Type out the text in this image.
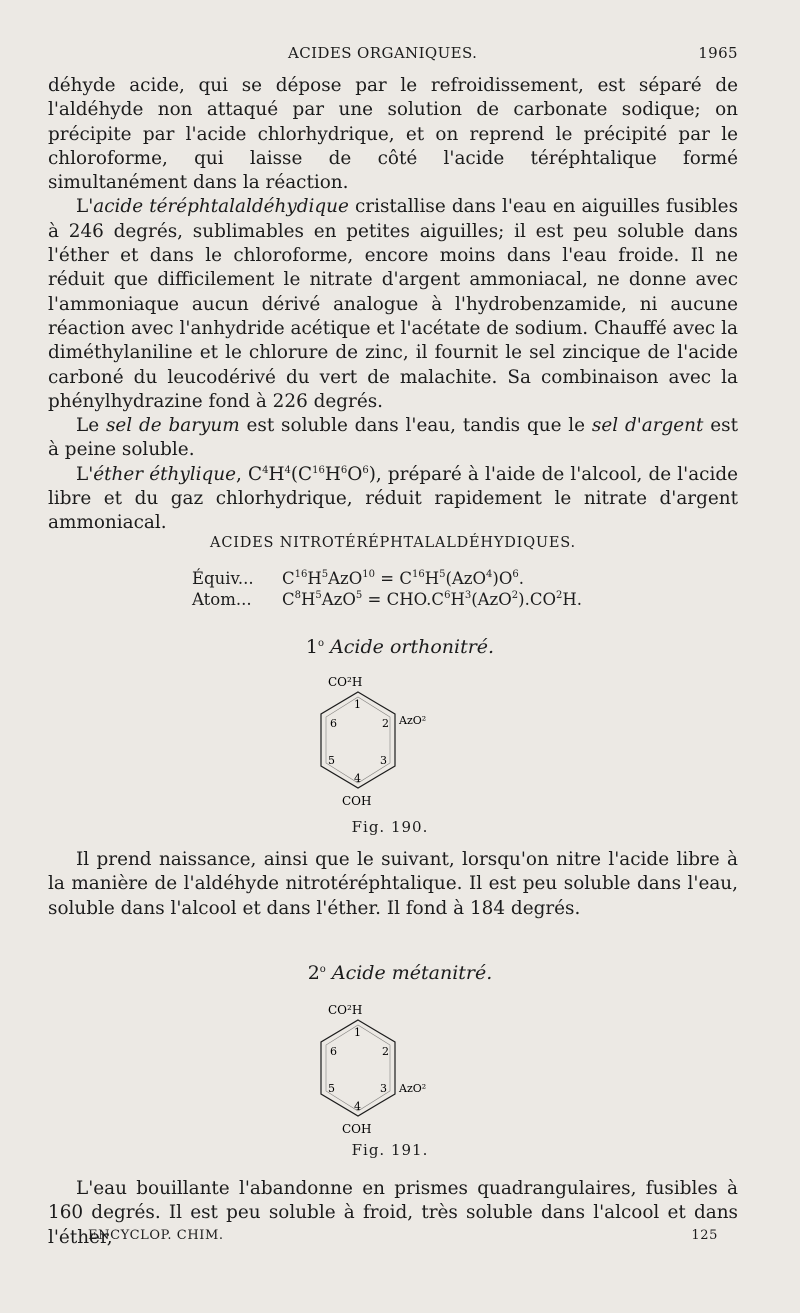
ACIDES ORGANIQUES.	1965

déhyde acide, qui se dépose par le refroidissement, est séparé de l'aldéhyde non attaqué par une solution de carbonate sodique; on précipite par l'acide chlorhydrique, et on reprend le précipité par le chloroforme, qui laisse de côté l'acide téréphtalique formé simultanément dans la réaction.

L'acide téréphtalaldéhydique cristallise dans l'eau en aiguilles fusibles à 246 degrés, sublimables en petites aiguilles; il est peu soluble dans l'éther et dans le chloroforme, encore moins dans l'eau froide. Il ne réduit que difficilement le nitrate d'argent ammoniacal, ne donne avec l'ammoniaque aucun dérivé analogue à l'hydrobenzamide, ni aucune réaction avec l'anhydride acétique et l'acétate de sodium. Chauffé avec la diméthylaniline et le chlorure de zinc, il fournit le sel zincique de l'acide carboné du leucodérivé du vert de malachite. Sa combinaison avec la phénylhydrazine fond à 226 degrés.

Le sel de baryum est soluble dans l'eau, tandis que le sel d'argent est à peine soluble.

L'éther éthylique, $C^4H^4(C^{16}H^6O^6)$, préparé à l'aide de l'alcool, de l'acide libre et du gaz chlorhydrique, réduit rapidement le nitrate d'argent ammoniacal.

ACIDES NITROTÉRÉPHTALALDÉHYDIQUES.
Équiv... $C^{16}H^5AzO^{10} = C^{16}H^5(AzO^4)O^6$.
Atom... $C^8H^5AzO^5 = CHO.C^6H^3(AzO^2).CO^2H$.
1$^o$ Acide orthonitré.
CO²H
1
2
3
4
5
6	AzO²
COH
Fig. 190.

Il prend naissance, ainsi que le suivant, lorsqu'on nitre l'acide libre à la manière de l'aldéhyde nitrotéréphtalique. Il est peu soluble dans l'eau, soluble dans l'alcool et dans l'éther. Il fond à 184 degrés.

2$^o$ Acide métanitré.
CO²H
1
2
3
4
5
6
AzO²
COH
Fig. 191.

L'eau bouillante l'abandonne en prismes quadrangulaires, fusibles à 160 degrés. Il est peu soluble à froid, très soluble dans l'alcool et dans l'éther,

ENCYCLOP. CHIM.	125
